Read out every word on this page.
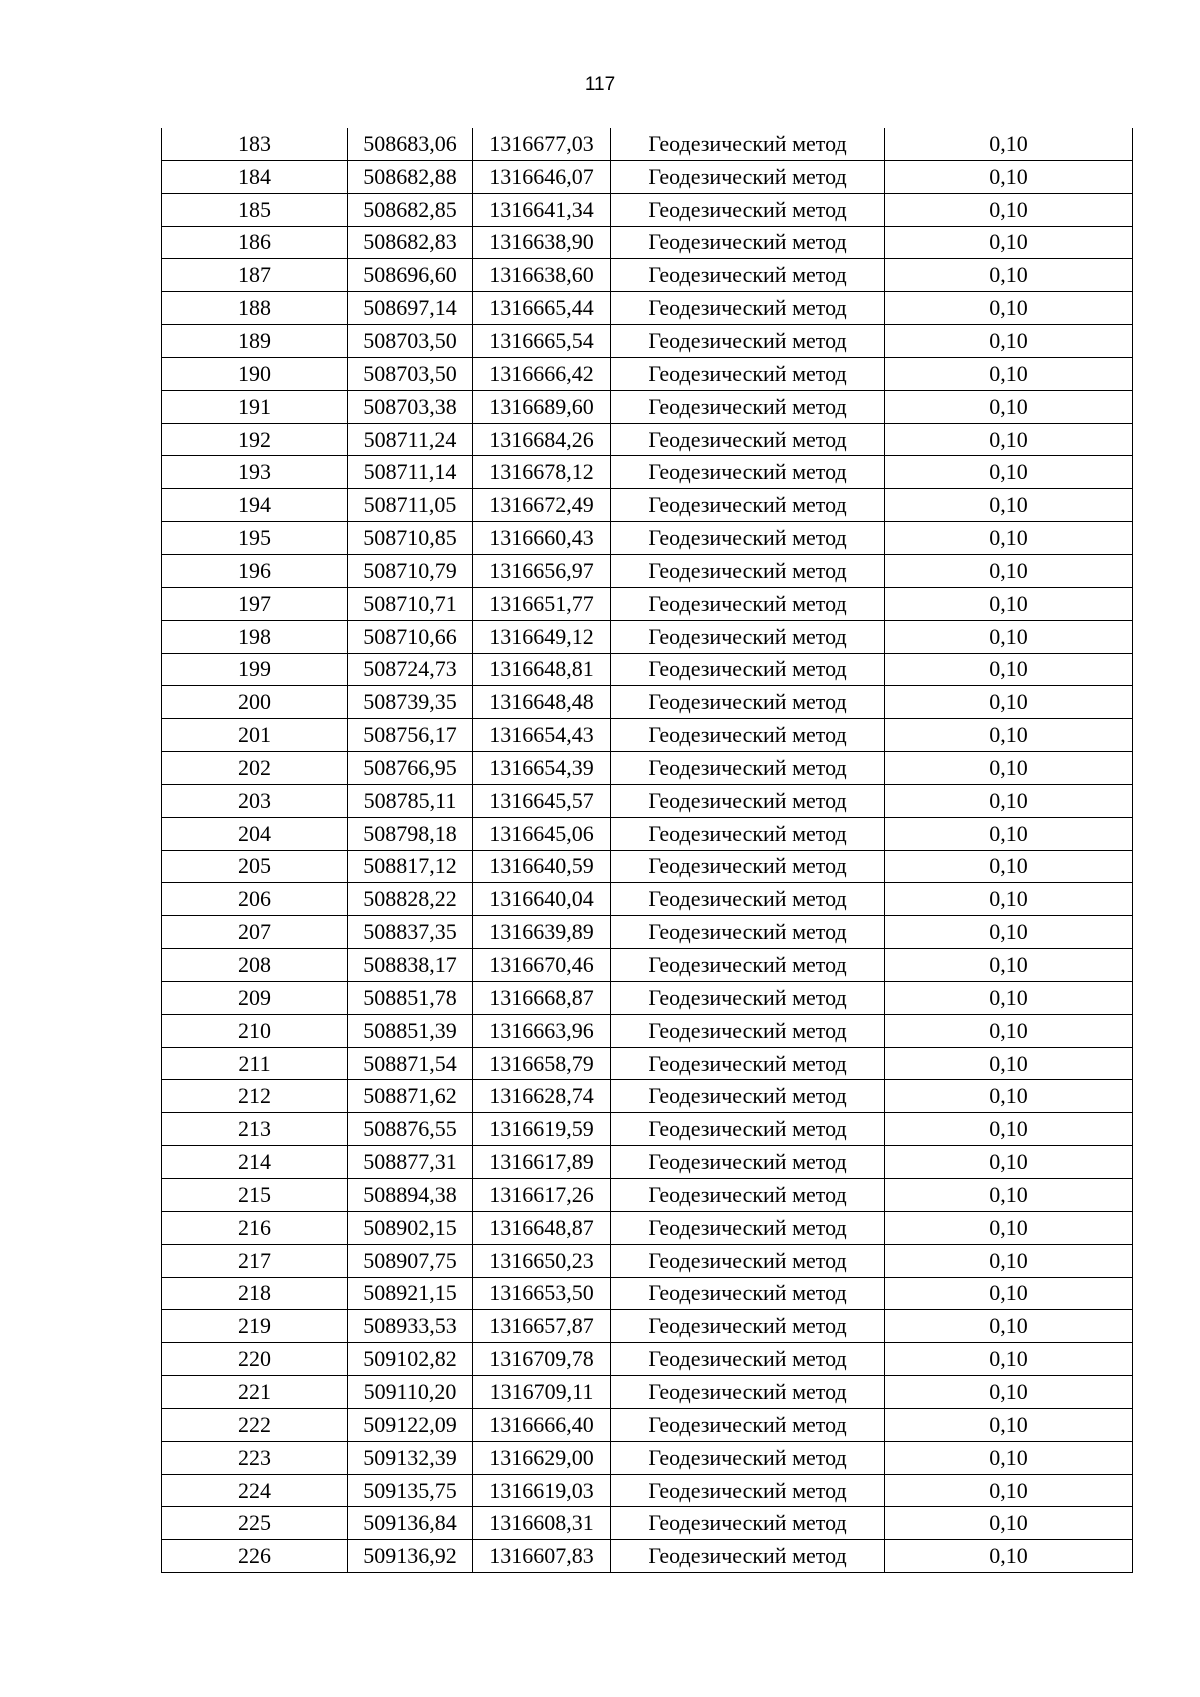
117
183	508683,06	1316677,03	Геодезический метод	0,10
184	508682,88	1316646,07	Геодезический метод	0,10
185	508682,85	1316641,34	Геодезический метод	0,10
186	508682,83	1316638,90	Геодезический метод	0,10
187	508696,60	1316638,60	Геодезический метод	0,10
188	508697,14	1316665,44	Геодезический метод	0,10
189	508703,50	1316665,54	Геодезический метод	0,10
190	508703,50	1316666,42	Геодезический метод	0,10
191	508703,38	1316689,60	Геодезический метод	0,10
192	508711,24	1316684,26	Геодезический метод	0,10
193	508711,14	1316678,12	Геодезический метод	0,10
194	508711,05	1316672,49	Геодезический метод	0,10
195	508710,85	1316660,43	Геодезический метод	0,10
196	508710,79	1316656,97	Геодезический метод	0,10
197	508710,71	1316651,77	Геодезический метод	0,10
198	508710,66	1316649,12	Геодезический метод	0,10
199	508724,73	1316648,81	Геодезический метод	0,10
200	508739,35	1316648,48	Геодезический метод	0,10
201	508756,17	1316654,43	Геодезический метод	0,10
202	508766,95	1316654,39	Геодезический метод	0,10
203	508785,11	1316645,57	Геодезический метод	0,10
204	508798,18	1316645,06	Геодезический метод	0,10
205	508817,12	1316640,59	Геодезический метод	0,10
206	508828,22	1316640,04	Геодезический метод	0,10
207	508837,35	1316639,89	Геодезический метод	0,10
208	508838,17	1316670,46	Геодезический метод	0,10
209	508851,78	1316668,87	Геодезический метод	0,10
210	508851,39	1316663,96	Геодезический метод	0,10
211	508871,54	1316658,79	Геодезический метод	0,10
212	508871,62	1316628,74	Геодезический метод	0,10
213	508876,55	1316619,59	Геодезический метод	0,10
214	508877,31	1316617,89	Геодезический метод	0,10
215	508894,38	1316617,26	Геодезический метод	0,10
216	508902,15	1316648,87	Геодезический метод	0,10
217	508907,75	1316650,23	Геодезический метод	0,10
218	508921,15	1316653,50	Геодезический метод	0,10
219	508933,53	1316657,87	Геодезический метод	0,10
220	509102,82	1316709,78	Геодезический метод	0,10
221	509110,20	1316709,11	Геодезический метод	0,10
222	509122,09	1316666,40	Геодезический метод	0,10
223	509132,39	1316629,00	Геодезический метод	0,10
224	509135,75	1316619,03	Геодезический метод	0,10
225	509136,84	1316608,31	Геодезический метод	0,10
226	509136,92	1316607,83	Геодезический метод	0,10
